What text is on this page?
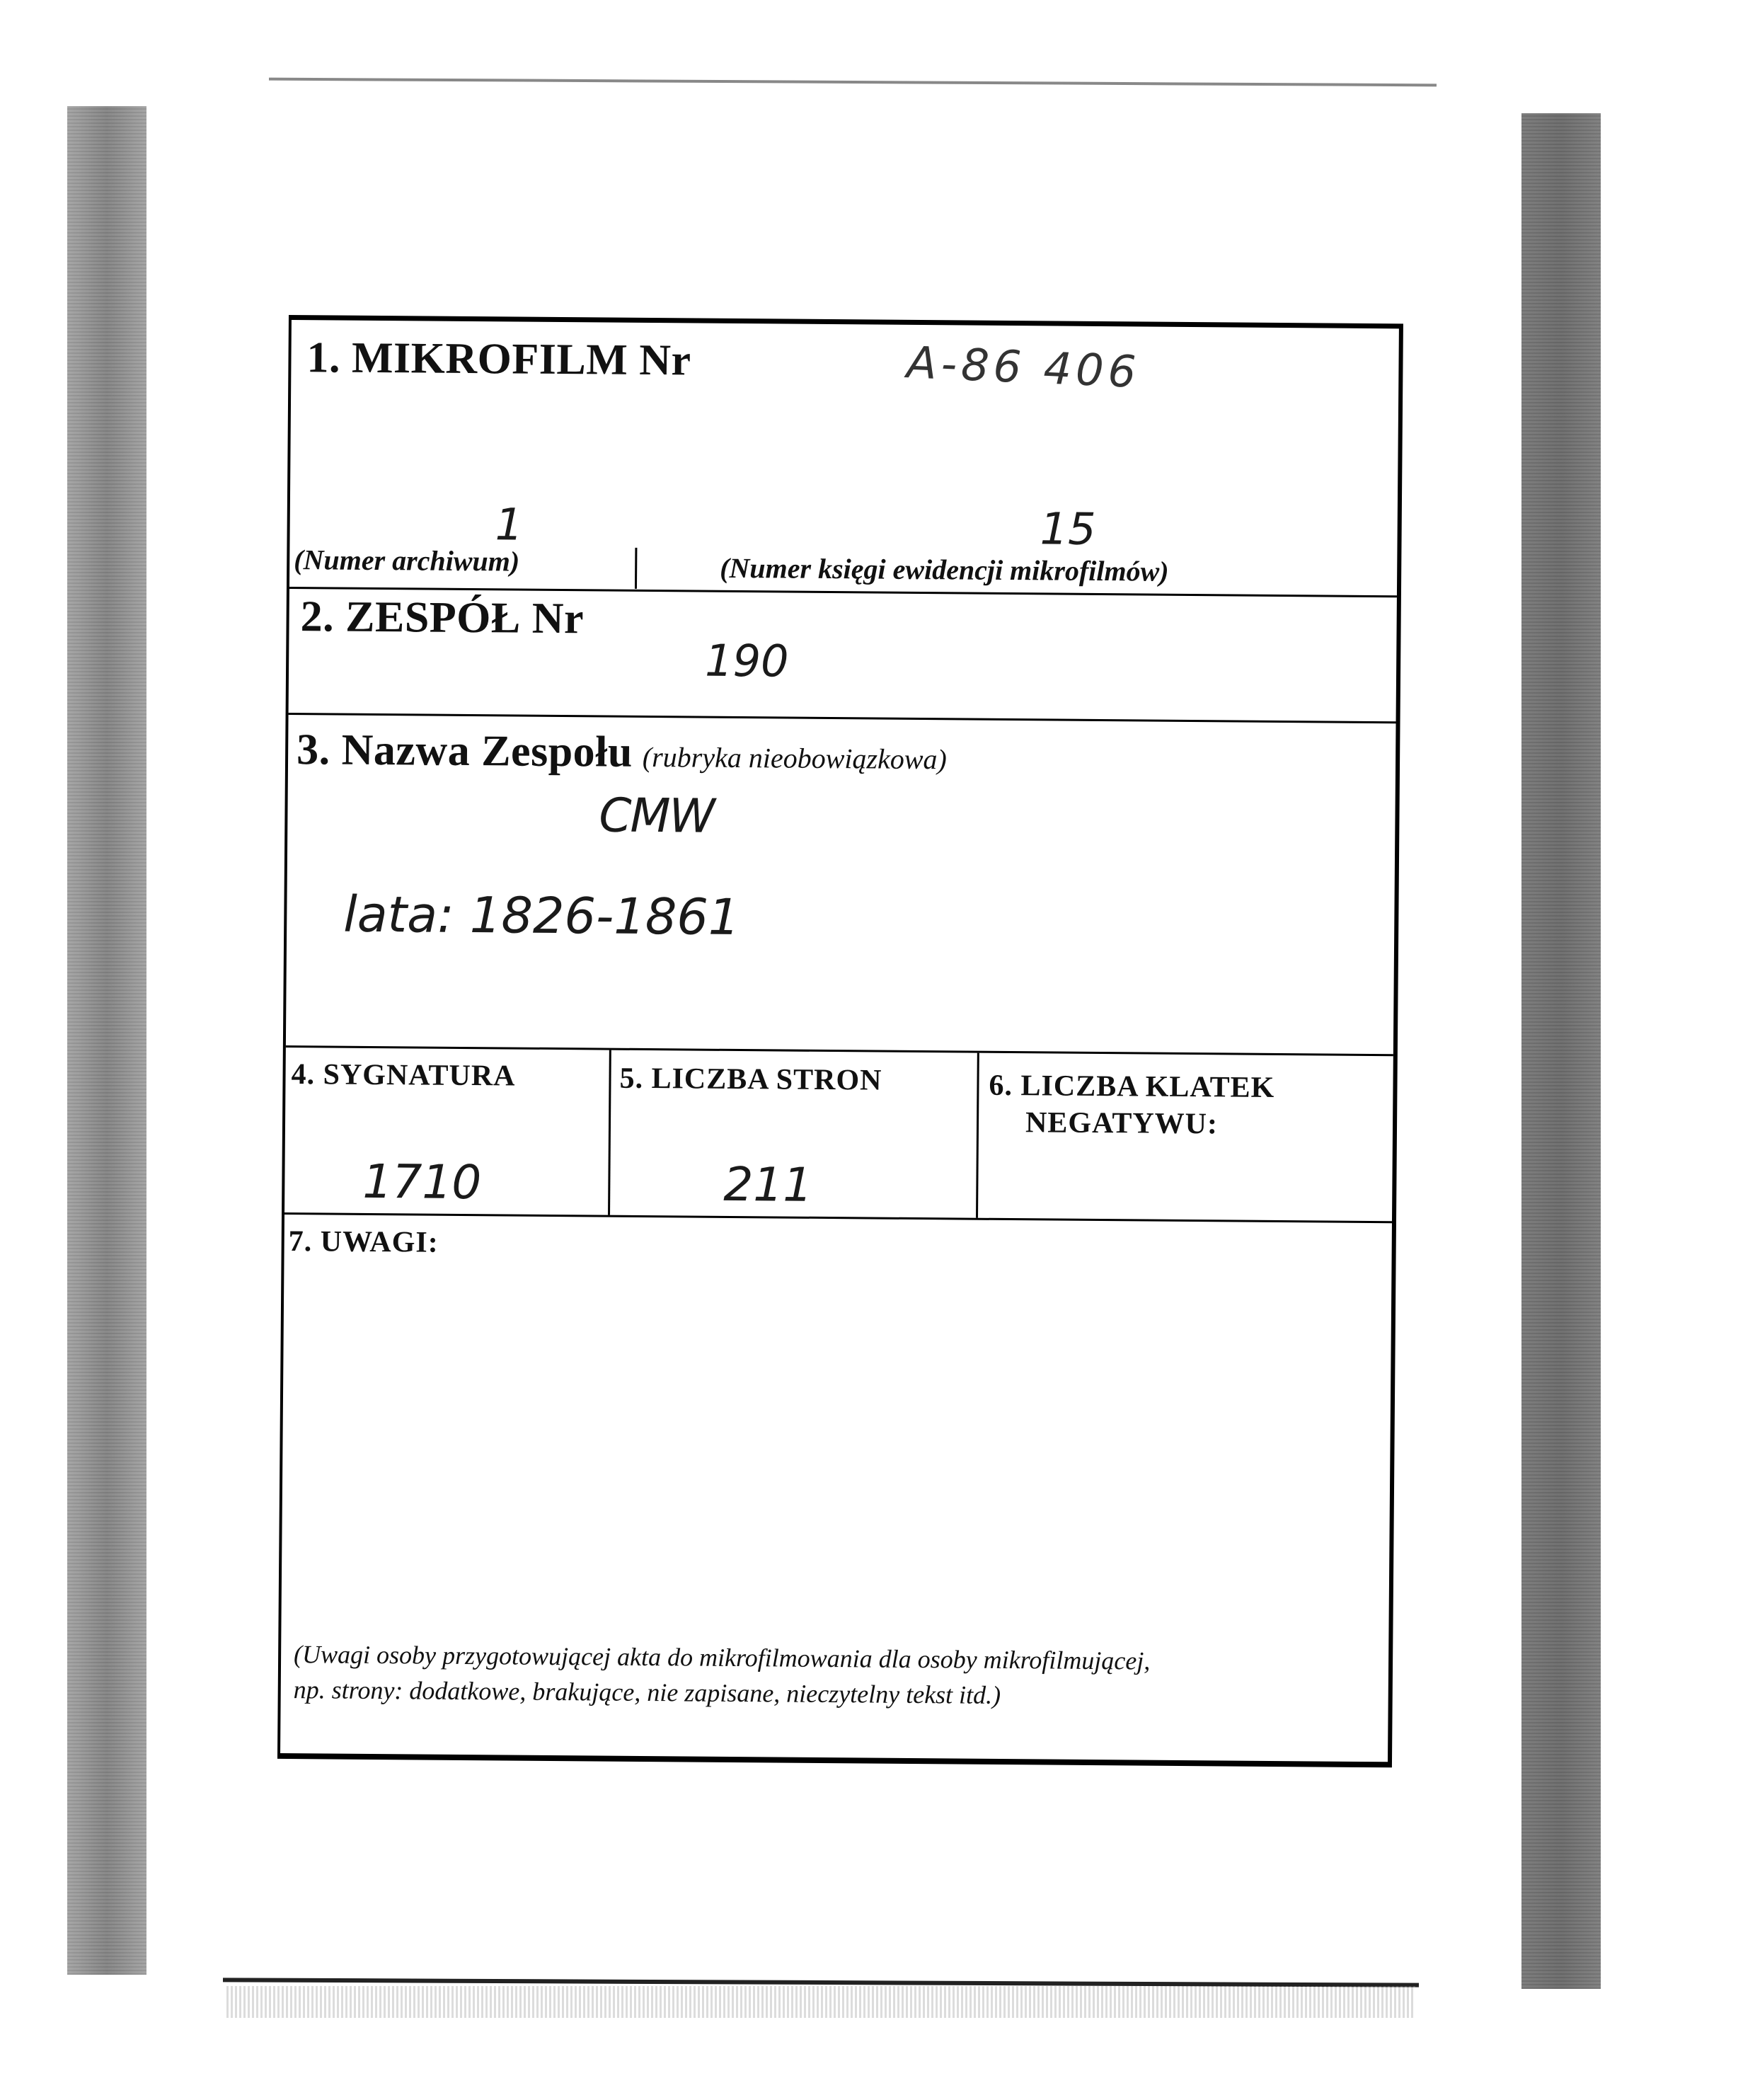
1. MIKROFILM Nr	A-86 406
1	15
(Numer archiwum)	(Numer księgi ewidencji mikrofilmów)
2. ZESPÓŁ Nr
190
3. Nazwa Zespołu (rubryka nieobowiązkowa)
CMW
lata: 1826-1861
4. SYGNATURA
1710
5. LICZBA STRON
211
6. LICZBA KLATEK
NEGATYWU:
7. UWAGI:
(Uwagi osoby przygotowującej akta do mikrofilmowania dla osoby mikrofilmującej,
np. strony: dodatkowe, brakujące, nie zapisane, nieczytelny tekst itd.)
